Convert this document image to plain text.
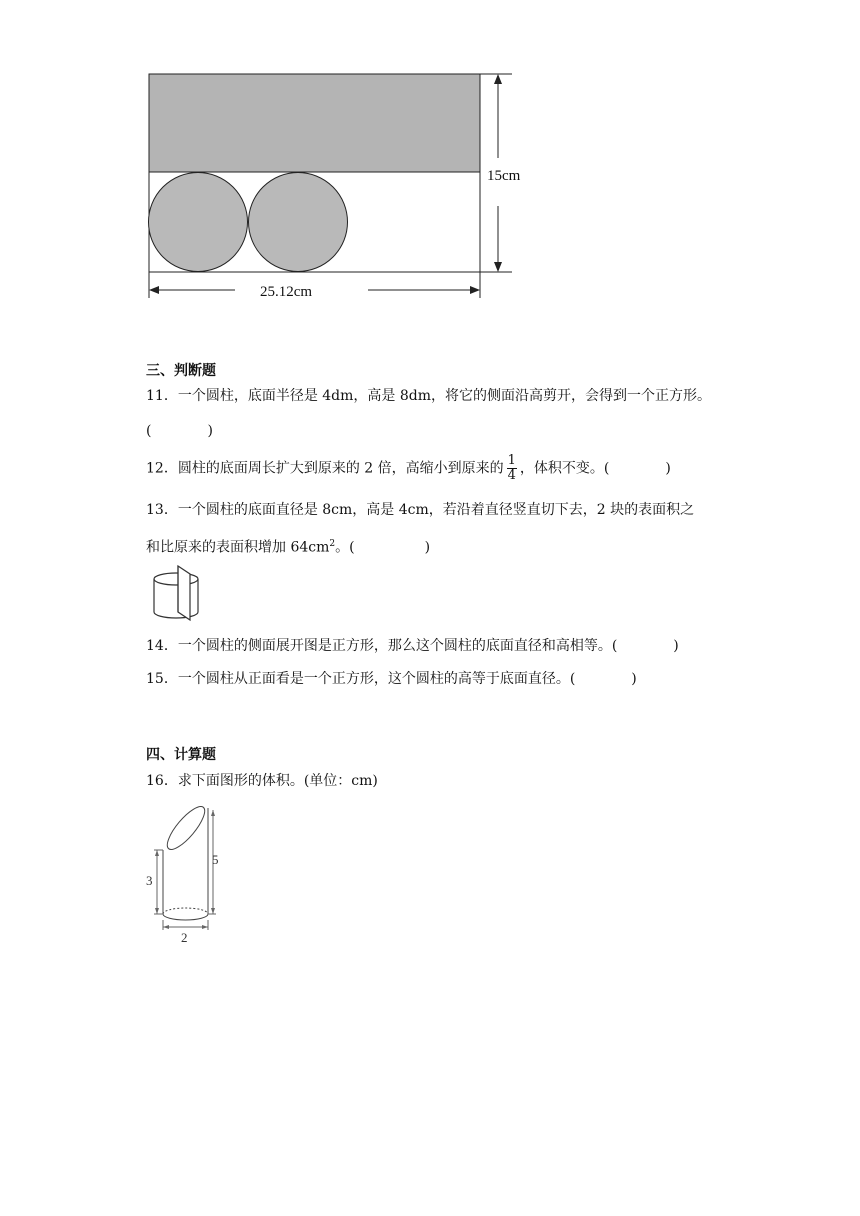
15cm
25.12cm
三、判断题
11．一个圆柱，底面半径是 4dm，高是 8dm，将它的侧面沿高剪开，会得到一个正方形。
(　　　　)
12．圆柱的底面周长扩大到原来的 2 倍，高缩小到原来的 $\frac{1}{4}$ ，体积不变。(　　　　)
13．一个圆柱的底面直径是 8cm，高是 4cm，若沿着直径竖直切下去，2 块的表面积之
和比原来的表面积增加 $64cm^2$。(　　　　　)
14．一个圆柱的侧面展开图是正方形，那么这个圆柱的底面直径和高相等。(　　　　)
15．一个圆柱从正面看是一个正方形，这个圆柱的高等于底面直径。(　　　　)
四、计算题
16．求下面图形的体积。(单位：cm)
3
5
2
